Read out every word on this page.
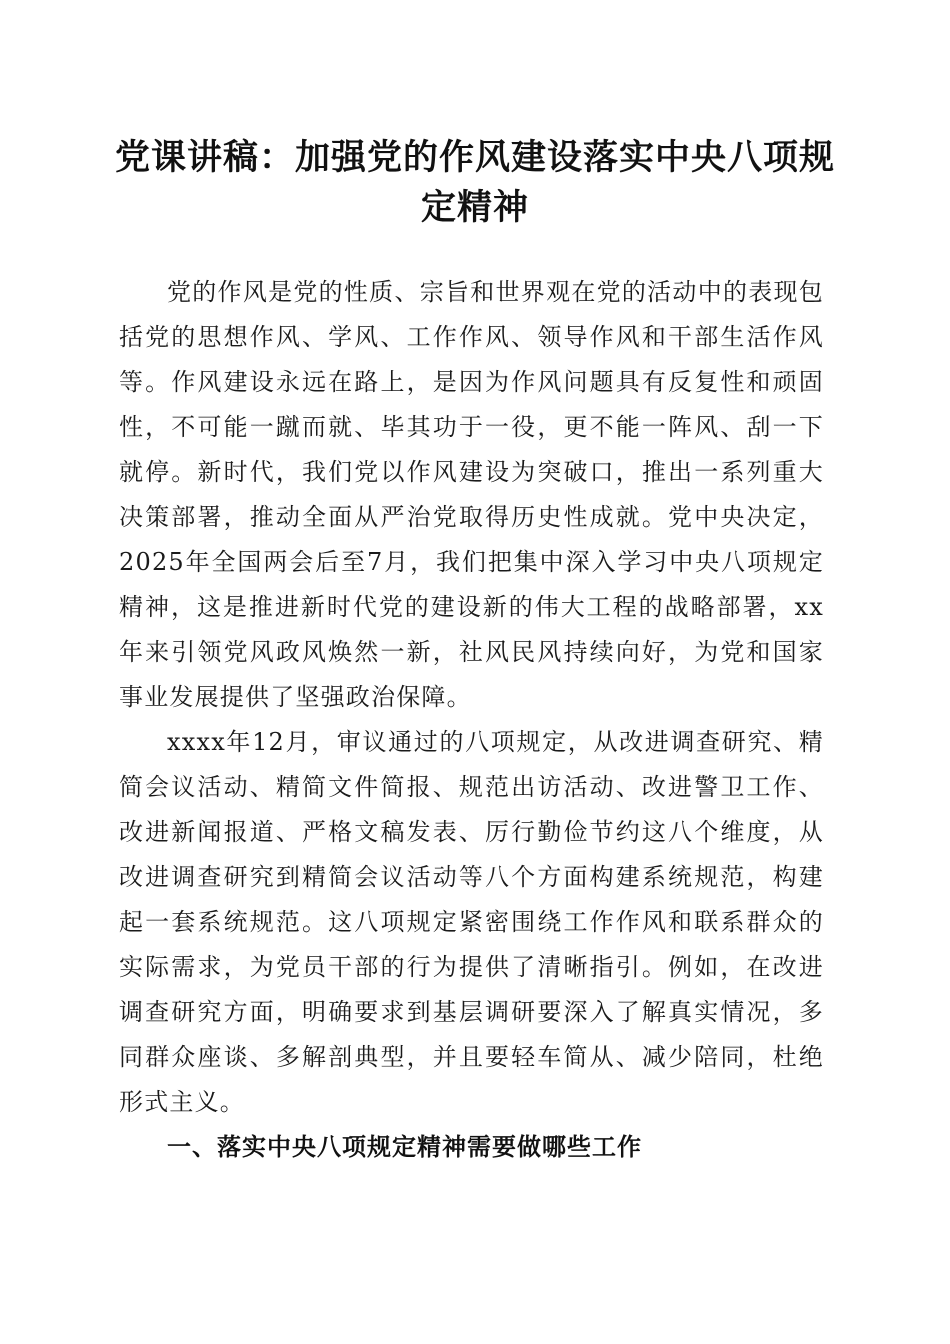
党课讲稿：加强党的作风建设落实中央八项规
定精神

党的作风是党的性质、宗旨和世界观在党的活动中的表现包括党的思想作风、学风、工作作风、领导作风和干部生活作风等。作风建设永远在路上，是因为作风问题具有反复性和顽固性，不可能一蹴而就、毕其功于一役，更不能一阵风、刮一下就停。新时代，我们党以作风建设为突破口，推出一系列重大决策部署，推动全面从严治党取得历史性成就。党中央决定，2025年全国两会后至7月，我们把集中深入学习中央八项规定精神，这是推进新时代党的建设新的伟大工程的战略部署，xx年来引领党风政风焕然一新，社风民风持续向好，为党和国家事业发展提供了坚强政治保障。

xxxx年12月，审议通过的八项规定，从改进调查研究、精简会议活动、精简文件简报、规范出访活动、改进警卫工作、改进新闻报道、严格文稿发表、厉行勤俭节约这八个维度，从改进调查研究到精简会议活动等八个方面构建系统规范，构建起一套系统规范。这八项规定紧密围绕工作作风和联系群众的实际需求，为党员干部的行为提供了清晰指引。例如，在改进调查研究方面，明确要求到基层调研要深入了解真实情况，多同群众座谈、多解剖典型，并且要轻车简从、减少陪同，杜绝形式主义。

一、落实中央八项规定精神需要做哪些工作
